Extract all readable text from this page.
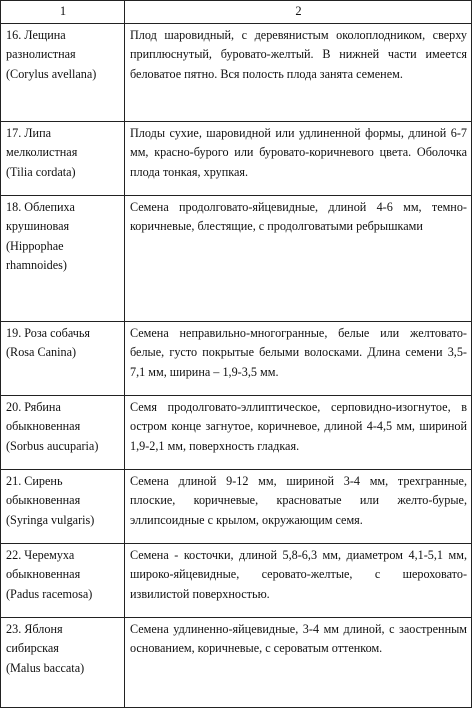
1	2

16. Лещина
разнолистная
(Corylus avellana)	Плод шаровидный, с деревянистым околоплодником, сверху приплюснутый, буровато-желтый. В нижней части имеется беловатое пятно. Вся полость плода занята семенем.

17. Липа
мелколистная
(Tilia cordata)	Плоды сухие, шаровидной или удлиненной формы, длиной 6-7 мм, красно-бурого или буровато-коричневого цвета. Оболочка плода тонкая, хрупкая.

18. Облепиха
крушиновая
(Hippophae
rhamnoides)	Семена продолговато-яйцевидные, длиной 4-6 мм, темно-коричневые, блестящие, с продолговатыми ребрышками

19. Роза собачья
(Rosa Canina)	Семена неправильно-многогранные, белые или желтовато-белые, густо покрытые белыми волосками. Длина семени 3,5-7,1 мм, ширина – 1,9-3,5 мм.

20. Рябина
обыкновенная
(Sorbus aucuparia)	Семя продолговато-эллиптическое, серповидно-изогнутое, в остром конце загнутое, коричневое, длиной 4-4,5 мм, шириной 1,9-2,1 мм, поверхность гладкая.

21. Сирень
обыкновенная
(Syringa vulgaris)	Семена длиной 9-12 мм, шириной 3-4 мм, трехгранные, плоские, коричневые, красноватые или желто-бурые, эллипсоидные с крылом, окружающим семя.

22. Черемуха
обыкновенная
(Padus racemosa)	Семена - косточки, длиной 5,8-6,3 мм, диаметром 4,1-5,1 мм, широко-яйцевидные, серовато-желтые, с шероховато-извилистой поверхностью.

23. Яблоня
сибирская
(Malus baccata)	Семена удлиненно-яйцевидные, 3-4 мм длиной, с заостренным основанием, коричневые, с сероватым оттенком.
